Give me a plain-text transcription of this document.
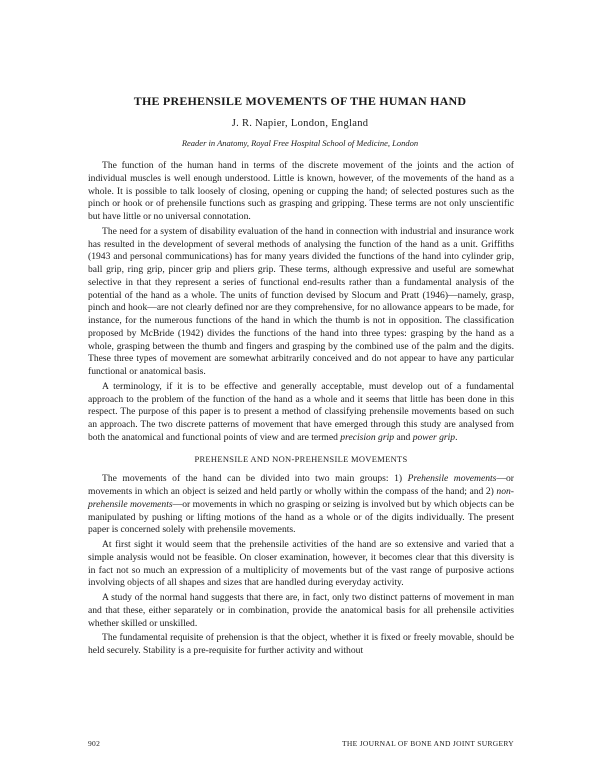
THE PREHENSILE MOVEMENTS OF THE HUMAN HAND
J. R. Napier, London, England
Reader in Anatomy, Royal Free Hospital School of Medicine, London

The function of the human hand in terms of the discrete movement of the joints and the action of individual muscles is well enough understood. Little is known, however, of the movements of the hand as a whole. It is possible to talk loosely of closing, opening or cupping the hand; of selected postures such as the pinch or hook or of prehensile functions such as grasping and gripping. These terms are not only unscientific but have little or no universal connotation.

The need for a system of disability evaluation of the hand in connection with industrial and insurance work has resulted in the development of several methods of analysing the function of the hand as a unit. Griffiths (1943 and personal communications) has for many years divided the functions of the hand into cylinder grip, ball grip, ring grip, pincer grip and pliers grip. These terms, although expressive and useful are somewhat selective in that they represent a series of functional end-results rather than a fundamental analysis of the potential of the hand as a whole. The units of function devised by Slocum and Pratt (1946)—namely, grasp, pinch and hook—are not clearly defined nor are they comprehensive, for no allowance appears to be made, for instance, for the numerous functions of the hand in which the thumb is not in opposition. The classification proposed by McBride (1942) divides the functions of the hand into three types: grasping by the hand as a whole, grasping between the thumb and fingers and grasping by the combined use of the palm and the digits. These three types of movement are somewhat arbitrarily conceived and do not appear to have any particular functional or anatomical basis.

A terminology, if it is to be effective and generally acceptable, must develop out of a fundamental approach to the problem of the function of the hand as a whole and it seems that little has been done in this respect. The purpose of this paper is to present a method of classifying prehensile movements based on such an approach. The two discrete patterns of movement that have emerged through this study are analysed from both the anatomical and functional points of view and are termed precision grip and power grip.

PREHENSILE AND NON-PREHENSILE MOVEMENTS

The movements of the hand can be divided into two main groups: 1) Prehensile movements—or movements in which an object is seized and held partly or wholly within the compass of the hand; and 2) non-prehensile movements—or movements in which no grasping or seizing is involved but by which objects can be manipulated by pushing or lifting motions of the hand as a whole or of the digits individually. The present paper is concerned solely with prehensile movements.

At first sight it would seem that the prehensile activities of the hand are so extensive and varied that a simple analysis would not be feasible. On closer examination, however, it becomes clear that this diversity is in fact not so much an expression of a multiplicity of movements but of the vast range of purposive actions involving objects of all shapes and sizes that are handled during everyday activity.

A study of the normal hand suggests that there are, in fact, only two distinct patterns of movement in man and that these, either separately or in combination, provide the anatomical basis for all prehensile activities whether skilled or unskilled.

The fundamental requisite of prehension is that the object, whether it is fixed or freely movable, should be held securely. Stability is a pre-requisite for further activity and without

902	THE JOURNAL OF BONE AND JOINT SURGERY
